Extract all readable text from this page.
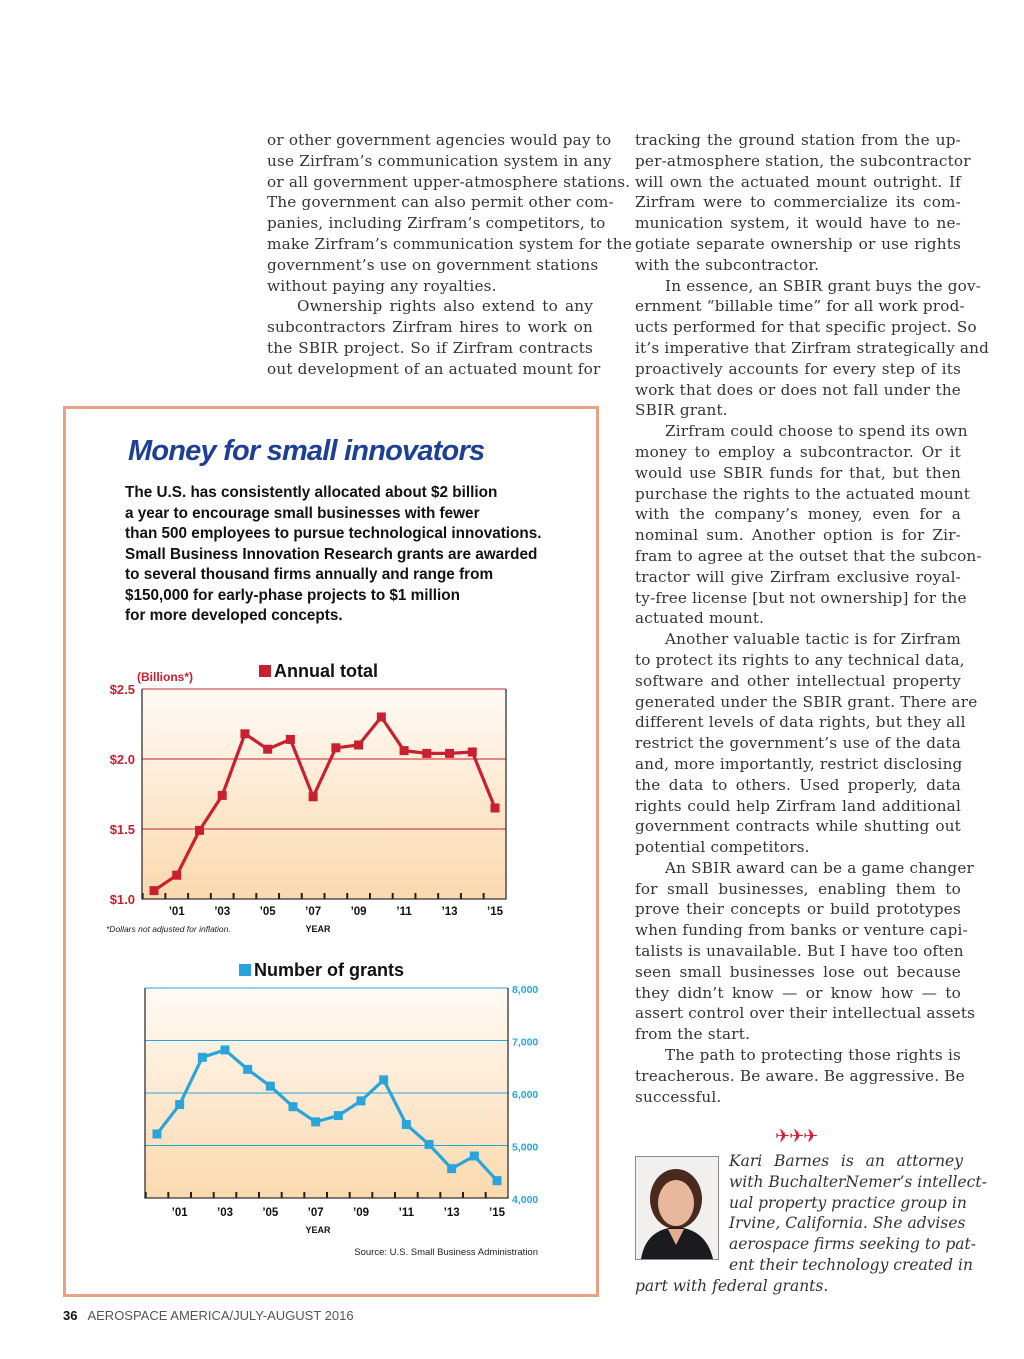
or other government agencies would pay to
use Zirfram’s communication system in any
or all government upper-atmosphere stations.
The government can also permit other com-
panies, including Zirfram’s competitors, to
make Zirfram’s communication system for the
government’s use on government stations
without paying any royalties.
Ownership rights also extend to any
subcontractors Zirfram hires to work on
the SBIR project. So if Zirfram contracts
out development of an actuated mount for
tracking the ground station from the up-
per-atmosphere station, the subcontractor
will own the actuated mount outright. If
Zirfram were to commercialize its com-
munication system, it would have to ne-
gotiate separate ownership or use rights
with the subcontractor.
In essence, an SBIR grant buys the gov-
ernment “billable time” for all work prod-
ucts performed for that specific project. So
it’s imperative that Zirfram strategically and
proactively accounts for every step of its
work that does or does not fall under the
SBIR grant.
Zirfram could choose to spend its own
money to employ a subcontractor. Or it
would use SBIR funds for that, but then
purchase the rights to the actuated mount
with the company’s money, even for a
nominal sum. Another option is for Zir-
fram to agree at the outset that the subcon-
tractor will give Zirfram exclusive royal-
ty-free license [but not ownership] for the
actuated mount.
Another valuable tactic is for Zirfram
to protect its rights to any technical data,
software and other intellectual property
generated under the SBIR grant. There are
different levels of data rights, but they all
restrict the government’s use of the data
and, more importantly, restrict disclosing
the data to others. Used properly, data
rights could help Zirfram land additional
government contracts while shutting out
potential competitors.
An SBIR award can be a game changer
for small businesses, enabling them to
prove their concepts or build prototypes
when funding from banks or venture capi-
talists is unavailable. But I have too often
seen small businesses lose out because
they didn’t know — or know how — to
assert control over their intellectual assets
from the start.
The path to protecting those rights is
treacherous. Be aware. Be aggressive. Be
successful.
Money for small innovators
The U.S. has consistently allocated about $2 billion
a year to encourage small businesses with fewer
than 500 employees to pursue technological innovations.
Small Business Innovation Research grants are awarded
to several thousand firms annually and range from
$150,000 for early-phase projects to $1 million
for more developed concepts.
$1.0
$1.5
$2.0
$2.5
’01	’03	’05	’07	’09	’11	’13	’15
YEAR
Annual total
(Billions*)
4,000
5,000
6,000
7,000
8,000
’01	’03	’05	’07	’09	’11	’13	’15
YEAR
Number of grants
*Dollars not adjusted for inflation.
Source: U.S. Small Business Administration
✈✈✈
Kari Barnes is an attorney
with BuchalterNemer’s intellect-
ual property practice group in
Irvine, California. She advises
aerospace firms seeking to pat-
ent their technology created in
part with federal grants.
36 AEROSPACE AMERICA/JULY-AUGUST 2016
